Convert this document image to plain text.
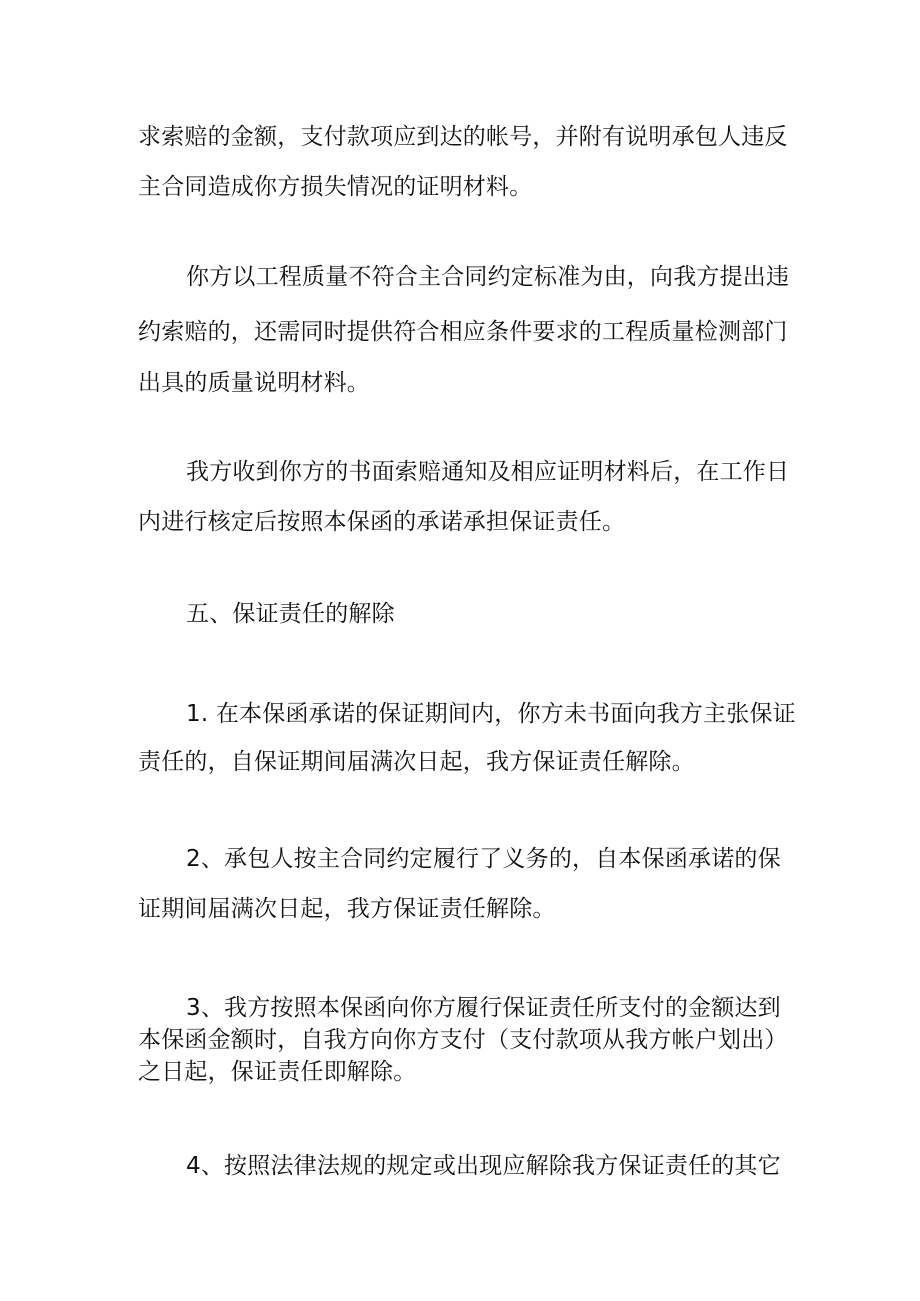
求索赔的金额，支付款项应到达的帐号，并附有说明承包人违反
主合同造成你方损失情况的证明材料。
你方以工程质量不符合主合同约定标准为由，向我方提出违
约索赔的，还需同时提供符合相应条件要求的工程质量检测部门
出具的质量说明材料。
我方收到你方的书面索赔通知及相应证明材料后，在工作日
内进行核定后按照本保函的承诺承担保证责任。
五、保证责任的解除
1. 在本保函承诺的保证期间内，你方未书面向我方主张保证
责任的，自保证期间届满次日起，我方保证责任解除。
2、承包人按主合同约定履行了义务的，自本保函承诺的保
证期间届满次日起，我方保证责任解除。
3、我方按照本保函向你方履行保证责任所支付的金额达到
本保函金额时，自我方向你方支付（支付款项从我方帐户划出）
之日起，保证责任即解除。
4、按照法律法规的规定或出现应解除我方保证责任的其它
